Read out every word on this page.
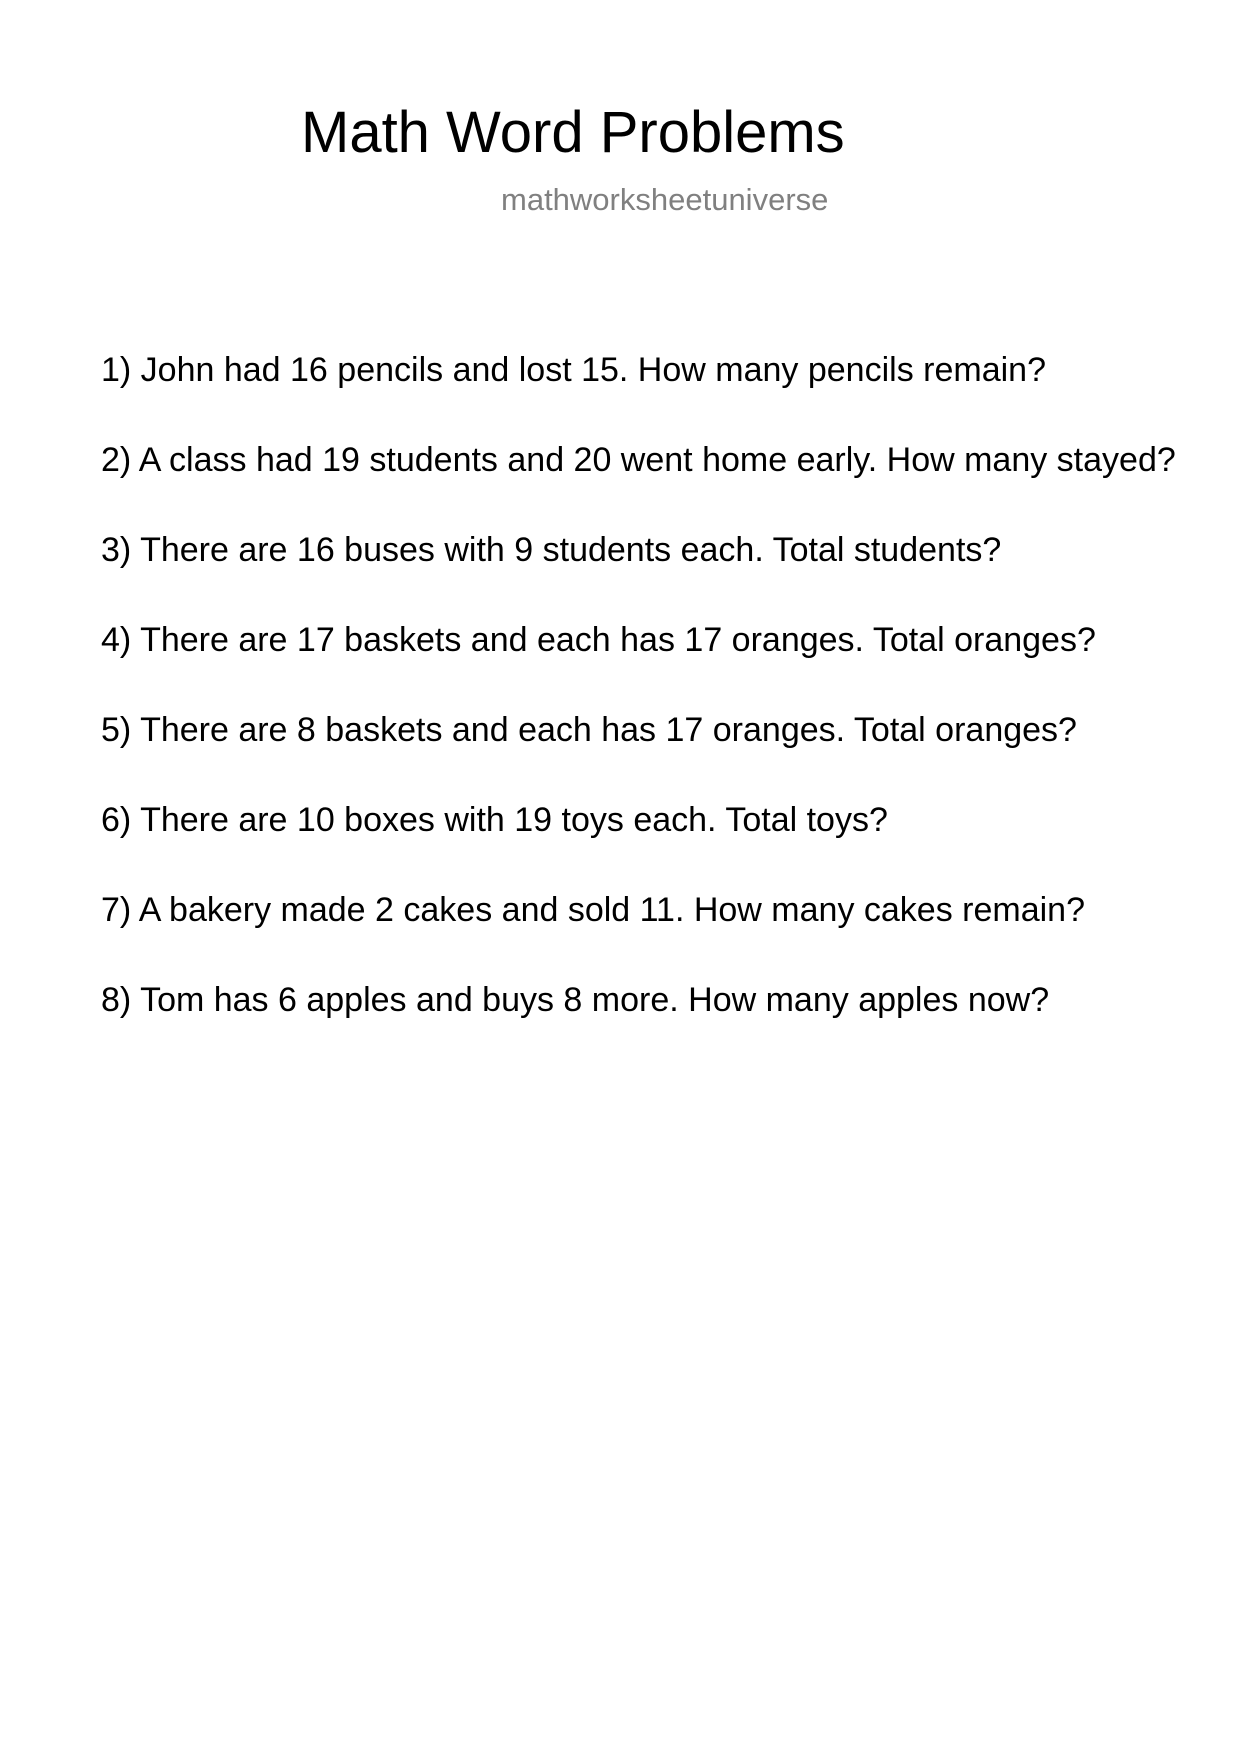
Math Word Problems
mathworksheetuniverse
1) John had 16 pencils and lost 15. How many pencils remain?
2) A class had 19 students and 20 went home early. How many stayed?
3) There are 16 buses with 9 students each. Total students?
4) There are 17 baskets and each has 17 oranges. Total oranges?
5) There are 8 baskets and each has 17 oranges. Total oranges?
6) There are 10 boxes with 19 toys each. Total toys?
7) A bakery made 2 cakes and sold 11. How many cakes remain?
8) Tom has 6 apples and buys 8 more. How many apples now?
